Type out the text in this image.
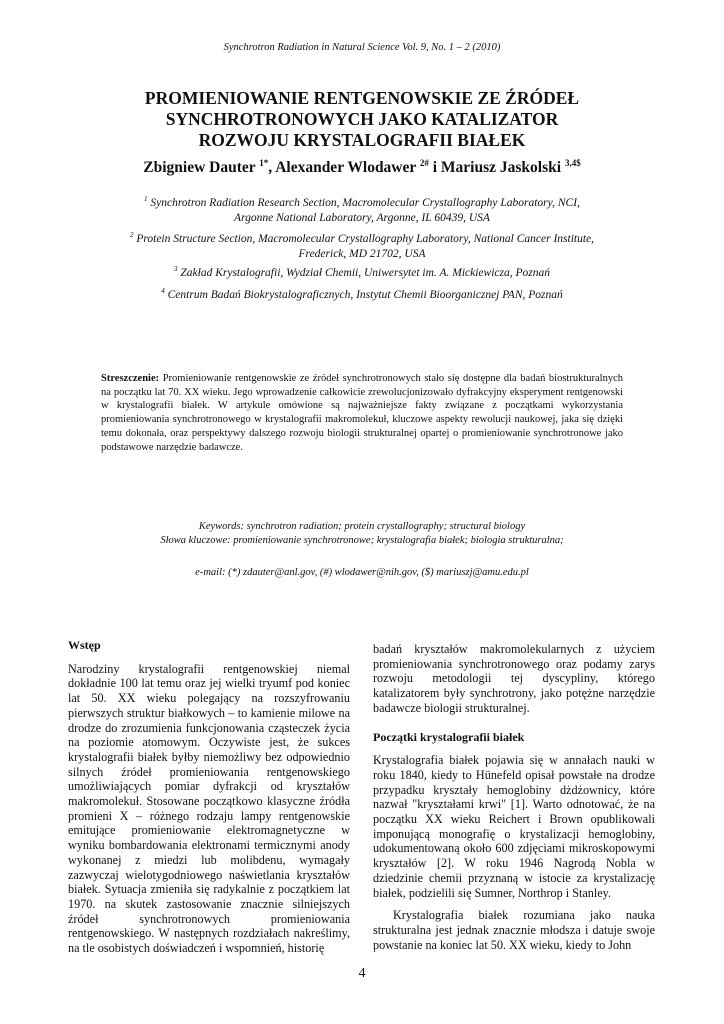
Synchrotron Radiation in Natural Science Vol. 9, No. 1 – 2 (2010)
PROMIENIOWANIE RENTGENOWSKIE ZE ŹRÓDEŁ
SYNCHROTRONOWYCH JAKO KATALIZATOR
ROZWOJU KRYSTALOGRAFII BIAŁEK
Zbigniew Dauter $^{1*}$, Alexander Wlodawer $^{2\#}$ i Mariusz Jaskolski $^{3,4\$}$
$^1$ Synchrotron Radiation Research Section, Macromolecular Crystallography Laboratory, NCI,
Argonne National Laboratory, Argonne, IL 60439, USA
$^2$ Protein Structure Section, Macromolecular Crystallography Laboratory, National Cancer Institute,
Frederick, MD 21702, USA
$^3$ Zakład Krystalografii, Wydział Chemii, Uniwersytet im. A. Mickiewicza, Poznań
$^4$ Centrum Badań Biokrystalograficznych, Instytut Chemii Bioorganicznej PAN, Poznań

Streszczenie: Promieniowanie rentgenowskie ze źródeł synchrotronowych stało się dostępne dla badań biostrukturalnych na początku lat 70. XX wieku. Jego wprowadzenie całkowicie zrewolucjonizowało dyfrakcyjny eksperyment rentgenowski w krystalografii białek. W artykule omówione są najważniejsze fakty związane z początkami wykorzystania promieniowania synchrotronowego w krystalografii makromolekuł, kluczowe aspekty rewolucji naukowej, jaka się dzięki temu dokonała, oraz perspektywy dalszego rozwoju biologii strukturalnej opartej o promieniowanie synchrotronowe jako podstawowe narzędzie badawcze.

Keywords: synchrotron radiation; protein crystallography; structural biology
Słowa kluczowe: promieniowanie synchrotronowe; krystalografia białek; biologia strukturalna;
e-mail: (*) zdauter@anl.gov, (#) wlodawer@nih.gov, ($) mariuszj@amu.edu.pl
Wstęp

Narodziny krystalografii rentgenowskiej niemal dokładnie 100 lat temu oraz jej wielki tryumf pod koniec lat 50. XX wieku polegający na rozszyfrowaniu pierwszych struktur białkowych – to kamienie milowe na drodze do zrozumienia funkcjonowania cząsteczek życia na poziomie atomowym. Oczywiste jest, że sukces krystalografii białek byłby niemożliwy bez odpowiednio silnych źródeł promieniowania rentgenowskiego umożliwiających pomiar dyfrakcji od kryształów makromolekuł. Stosowane początkowo klasyczne źródła promieni X – różnego rodzaju lampy rentgenowskie emitujące promieniowanie elektromagnetyczne w wyniku bombardowania elektronami termicznymi anody wykonanej z miedzi lub molibdenu, wymagały zazwyczaj wielotygodniowego naświetlania kryształów białek. Sytuacja zmieniła się radykalnie z początkiem lat 1970. na skutek zastosowanie znacznie silniejszych źródeł synchrotronowych promieniowania rentgenowskiego. W następnych rozdziałach nakreślimy, na tle osobistych doświadczeń i wspomnień, historię

badań kryształów makromolekularnych z użyciem promieniowania synchrotronowego oraz podamy zarys rozwoju metodologii tej dyscypliny, którego katalizatorem były synchrotrony, jako potężne narzędzie badawcze biologii strukturalnej.

Początki krystalografii białek

Krystalografia białek pojawia się w annałach nauki w roku 1840, kiedy to Hünefeld opisał powstałe na drodze przypadku kryształy hemoglobiny dżdżownicy, które nazwał "kryształami krwi" [1]. Warto odnotować, że na początku XX wieku Reichert i Brown opublikowali imponującą monografię o krystalizacji hemoglobiny, udokumentowaną około 600 zdjęciami mikroskopowymi kryształów [2]. W roku 1946 Nagrodą Nobla w dziedzinie chemii przyznaną w istocie za krystalizację białek, podzielili się Sumner, Northrop i Stanley.

Krystalografia białek rozumiana jako nauka strukturalna jest jednak znacznie młodsza i datuje swoje powstanie na koniec lat 50. XX wieku, kiedy to John

4
